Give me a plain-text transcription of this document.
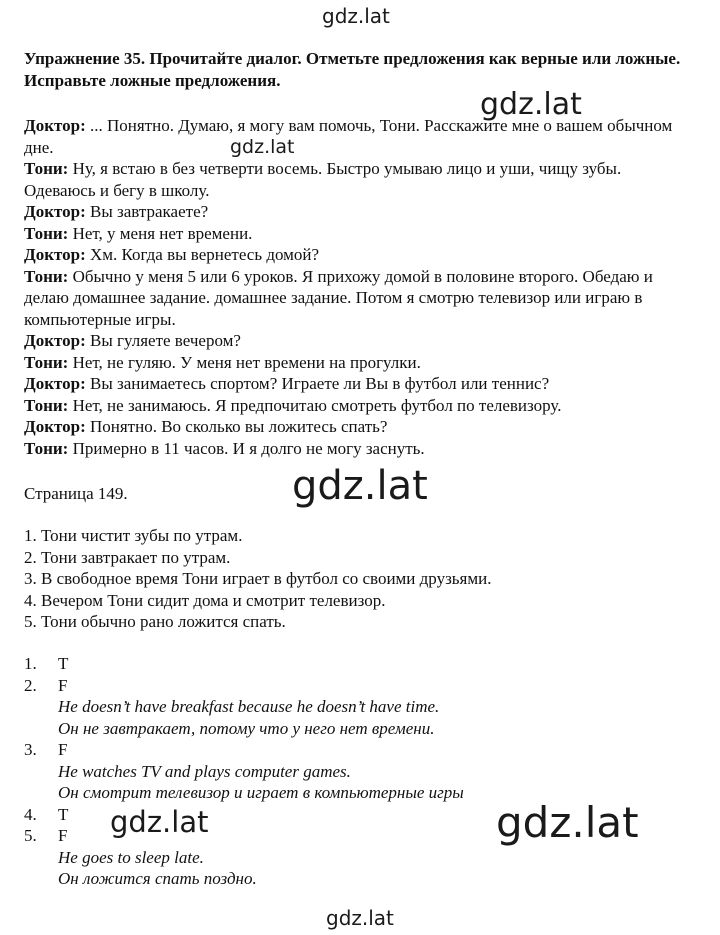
gdz.lat
Упражнение 35. Прочитайте диалог. Отметьте предложения как верные или ложные. Исправьте ложные предложения.

Доктор: ... Понятно. Думаю, я могу вам помочь, Тони. Расскажите мне о вашем обычном дне.

Тони: Ну, я встаю в без четверти восемь. Быстро умываю лицо и уши, чищу зубы. Одеваюсь и бегу в школу.

Доктор: Вы завтракаете?

Тони: Нет, у меня нет времени.

Доктор: Хм. Когда вы вернетесь домой?

Тони: Обычно у меня 5 или 6 уроков. Я прихожу домой в половине второго. Обедаю и делаю домашнее задание. домашнее задание. Потом я смотрю телевизор или играю в компьютерные игры.

Доктор: Вы гуляете вечером?

Тони: Нет, не гуляю. У меня нет времени на прогулки.

Доктор: Вы занимаетесь спортом? Играете ли Вы в футбол или теннис?

Тони: Нет, не занимаюсь. Я предпочитаю смотреть футбол по телевизору.

Доктор: Понятно. Во сколько вы ложитесь спать?

Тони: Примерно в 11 часов. И я долго не могу заснуть.

gdz.lat
gdz.lat
Страница 149.	gdz.lat
1. Тони чистит зубы по утрам.
2. Тони завтракает по утрам.
3. В свободное время Тони играет в футбол со своими друзьями.
4. Вечером Тони сидит дома и смотрит телевизор.
5. Тони обычно рано ложится спать.
1.	T
2.	F
He doesn’t have breakfast because he doesn’t have time.
Он не завтракает, потому что у него нет времени.
3.	F
He watches TV and plays computer games.
Он смотрит телевизор и играет в компьютерные игры
4.	T
5.	F
He goes to sleep late.
Он ложится спать поздно.
gdz.lat	gdz.lat
gdz.lat
